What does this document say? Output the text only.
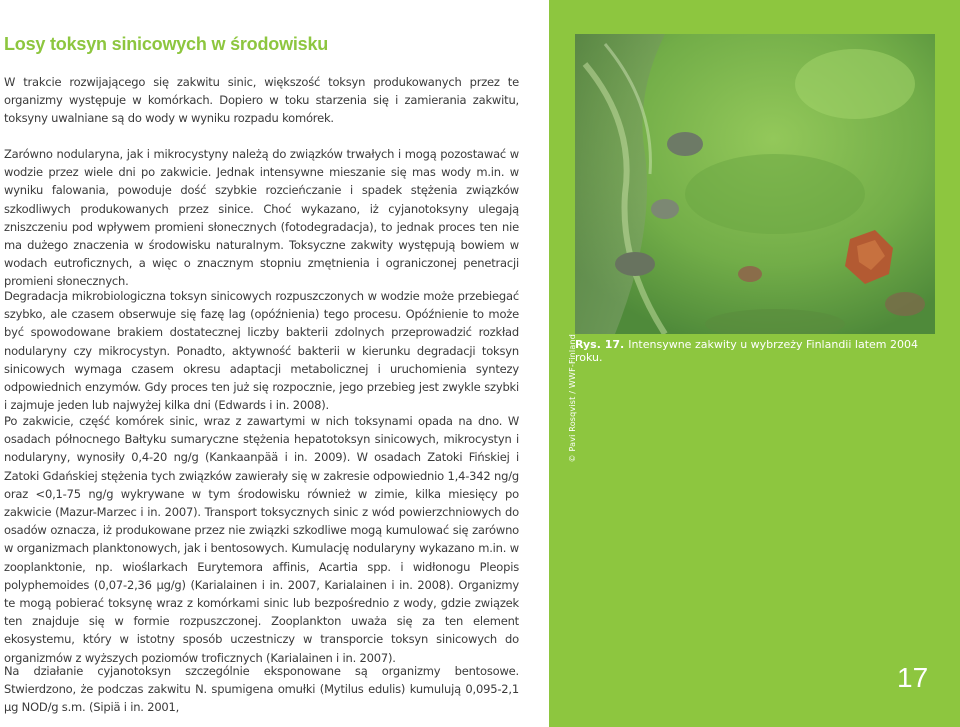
Losy toksyn sinicowych w środowisku

W trakcie rozwijającego się zakwitu sinic, większość toksyn produkowanych przez te organizmy występuje w komórkach. Dopiero w toku starzenia się i zamierania zakwitu, toksyny uwalniane są do wody w wyniku rozpadu komórek.

Zarówno nodularyna, jak i mikrocystyny należą do związków trwałych i mogą pozostawać w wodzie przez wiele dni po zakwicie. Jednak intensywne mieszanie się mas wody m.in. w wyniku falowania, powoduje dość szybkie rozcieńczanie i spadek stężenia związków szkodliwych produkowanych przez sinice. Choć wykazano, iż cyjanotoksyny ulegają zniszczeniu pod wpływem promieni słonecznych (fotodegradacja), to jednak proces ten nie ma dużego znaczenia w środowisku naturalnym. Toksyczne zakwity występują bowiem w wodach eutroficznych, a więc o znacznym stopniu zmętnienia i ograniczonej penetracji promieni słonecznych.

Degradacja mikrobiologiczna toksyn sinicowych rozpuszczonych w wodzie może przebiegać szybko, ale czasem obserwuje się fazę lag (opóźnienia) tego procesu. Opóźnienie to może być spowodowane brakiem dostatecznej liczby bakterii zdolnych przeprowadzić rozkład nodularyny czy mikrocystyn. Ponadto, aktywność bakterii w kierunku degradacji toksyn sinicowych wymaga czasem okresu adaptacji metabolicznej i uruchomienia syntezy odpowiednich enzymów. Gdy proces ten już się rozpocznie, jego przebieg jest zwykle szybki i zajmuje jeden lub najwyżej kilka dni (Edwards i in. 2008).

Po zakwicie, część komórek sinic, wraz z zawartymi w nich toksynami opada na dno. W osadach północnego Bałtyku sumaryczne stężenia hepatotoksyn sinicowych, mikrocystyn i nodularyny, wynosiły 0,4-20 ng/g (Kankaanpää i in. 2009). W osadach Zatoki Fińskiej i Zatoki Gdańskiej stężenia tych związków zawierały się w zakresie odpowiednio 1,4-342 ng/g oraz <0,1-75 ng/g wykrywane w tym środowisku również w zimie, kilka miesięcy po zakwicie (Mazur-Marzec i in. 2007). Transport toksycznych sinic z wód powierzchniowych do osadów oznacza, iż produkowane przez nie związki szkodliwe mogą kumulować się zarówno w organizmach planktonowych, jak i bentosowych. Kumulację nodularyny wykazano m.in. w zooplanktonie, np. wioślarkach Eurytemora affinis, Acartia spp. i widłonogu Pleopis polyphemoides (0,07-2,36 µg/g) (Karialainen i in. 2007, Karialainen i in. 2008). Organizmy te mogą pobierać toksynę wraz z komórkami sinic lub bezpośrednio z wody, gdzie związek ten znajduje się w formie rozpuszczonej. Zooplankton uważa się za ten element ekosystemu, który w istotny sposób uczestniczy w transporcie toksyn sinicowych do organizmów z wyższych poziomów troficznych (Karialainen i in. 2007).

Na działanie cyjanotoksyn szczególnie eksponowane są organizmy bentosowe. Stwierdzono, że podczas zakwitu N. spumigena omułki (Mytilus edulis) kumulują 0,095-2,1 µg NOD/g s.m. (Sipiä i in. 2001,

© Pavi Rosqvist / WWF-Finland
Rys. 17. Intensywne zakwity u wybrzeży Finlandii latem 2004 roku.
17
